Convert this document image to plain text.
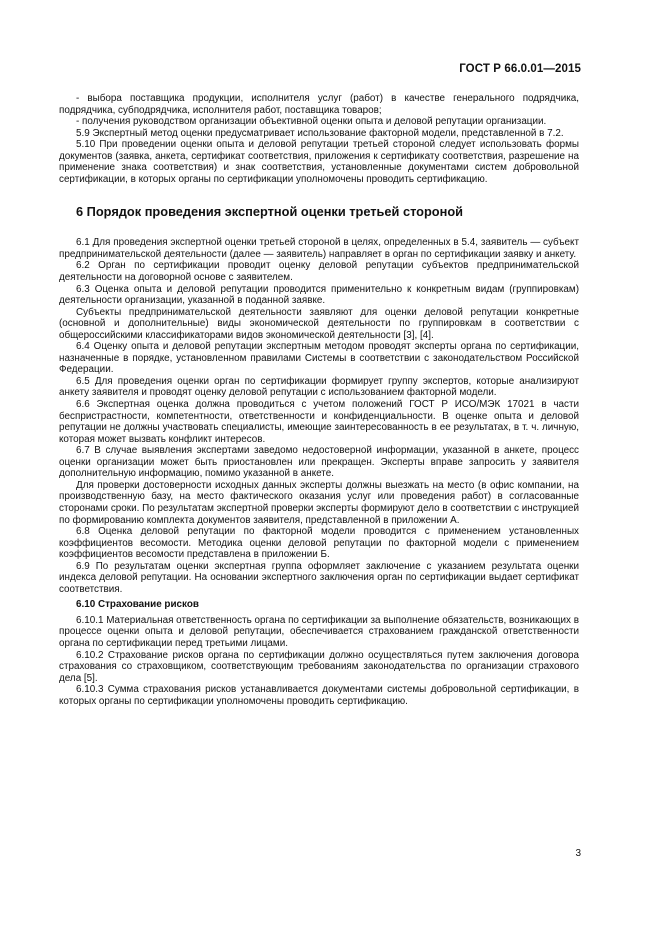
ГОСТ Р 66.0.01—2015

- выбора поставщика продукции, исполнителя услуг (работ) в качестве генерального подрядчика, подрядчика, субподрядчика, исполнителя работ, поставщика товаров;

- получения руководством организации объективной оценки опыта и деловой репутации организации.

5.9 Экспертный метод оценки предусматривает использование факторной модели, представленной в 7.2.

5.10 При проведении оценки опыта и деловой репутации третьей стороной следует использовать формы документов (заявка, анкета, сертификат соответствия, приложения к сертификату соответствия, разрешение на применение знака соответствия) и знак соответствия, установленные документами систем добровольной сертификации, в которых органы по сертификации уполномочены проводить сертификацию.

6 Порядок проведения экспертной оценки третьей стороной

6.1 Для проведения экспертной оценки третьей стороной в целях, определенных в 5.4, заявитель — субъект предпринимательской деятельности (далее — заявитель) направляет в орган по сертификации заявку и анкету.

6.2 Орган по сертификации проводит оценку деловой репутации субъектов предпринимательской деятельности на договорной основе с заявителем.

6.3 Оценка опыта и деловой репутации проводится применительно к конкретным видам (группировкам) деятельности организации, указанной в поданной заявке.

Субъекты предпринимательской деятельности заявляют для оценки деловой репутации конкретные (основной и дополнительные) виды экономической деятельности по группировкам в соответствии с общероссийскими классификаторами видов экономической деятельности [3], [4].

6.4 Оценку опыта и деловой репутации экспертным методом проводят эксперты органа по сертификации, назначенные в порядке, установленном правилами Системы в соответствии с законодательством Российской Федерации.

6.5 Для проведения оценки орган по сертификации формирует группу экспертов, которые анализируют анкету заявителя и проводят оценку деловой репутации с использованием факторной модели.

6.6 Экспертная оценка должна проводиться с учетом положений ГОСТ Р ИСО/МЭК 17021 в части беспристрастности, компетентности, ответственности и конфиденциальности. В оценке опыта и деловой репутации не должны участвовать специалисты, имеющие заинтересованность в ее результатах, в т. ч. личную, которая может вызвать конфликт интересов.

6.7 В случае выявления экспертами заведомо недостоверной информации, указанной в анкете, процесс оценки организации может быть приостановлен или прекращен. Эксперты вправе запросить у заявителя дополнительную информацию, помимо указанной в анкете.

Для проверки достоверности исходных данных эксперты должны выезжать на место (в офис компании, на производственную базу, на место фактического оказания услуг или проведения работ) в согласованные сторонами сроки. По результатам экспертной проверки эксперты формируют дело в соответствии с инструкцией по формированию комплекта документов заявителя, представленной в приложении А.

6.8 Оценка деловой репутации по факторной модели проводится с применением установленных коэффициентов весомости. Методика оценки деловой репутации по факторной модели с применением коэффициентов весомости представлена в приложении Б.

6.9 По результатам оценки экспертная группа оформляет заключение с указанием результата оценки индекса деловой репутации. На основании экспертного заключения орган по сертификации выдает сертификат соответствия.

6.10 Страхование рисков

6.10.1 Материальная ответственность органа по сертификации за выполнение обязательств, возникающих в процессе оценки опыта и деловой репутации, обеспечивается страхованием гражданской ответственности органа по сертификации перед третьими лицами.

6.10.2 Страхование рисков органа по сертификации должно осуществляться путем заключения договора страхования со страховщиком, соответствующим требованиям законодательства по организации страхового дела [5].

6.10.3 Сумма страхования рисков устанавливается документами системы добровольной сертификации, в которых органы по сертификации уполномочены проводить сертификацию.

3
